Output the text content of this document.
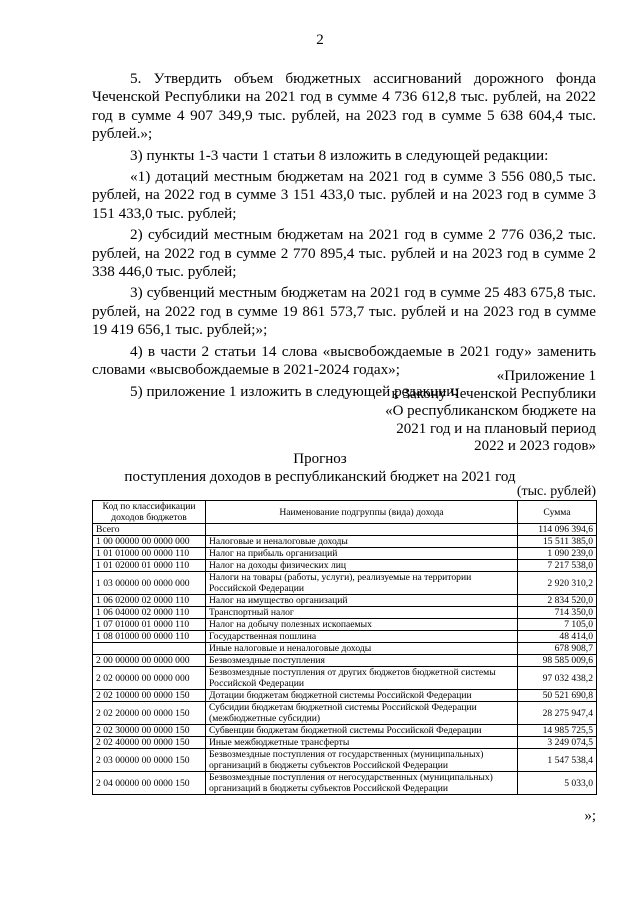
2

5. Утвердить объем бюджетных ассигнований дорожного фонда Чеченской Республики на 2021 год в сумме 4 736 612,8 тыс. рублей, на 2022 год в сумме 4 907 349,9 тыс. рублей, на 2023 год в сумме 5 638 604,4 тыс. рублей.»;

3) пункты 1-3 части 1 статьи 8 изложить в следующей редакции:

«1) дотаций местным бюджетам на 2021 год в сумме 3 556 080,5 тыс. рублей, на 2022 год в сумме 3 151 433,0 тыс. рублей и на 2023 год в сумме 3 151 433,0 тыс. рублей;

2) субсидий местным бюджетам на 2021 год в сумме 2 776 036,2 тыс. рублей, на 2022 год в сумме 2 770 895,4 тыс. рублей и на 2023 год в сумме 2 338 446,0 тыс. рублей;

3) субвенций местным бюджетам на 2021 год в сумме 25 483 675,8 тыс. рублей, на 2022 год в сумме 19 861 573,7 тыс. рублей и на 2023 год в сумме 19 419 656,1 тыс. рублей;»;

4) в части 2 статьи 14 слова «высвобождаемые в 2021 году» заменить словами «высвобождаемые в 2021-2024 годах»;

5) приложение 1 изложить в следующей редакции:

«Приложение 1
к Закону Чеченской Республики
«О республиканском бюджете на
2021 год и на плановый период
2022 и 2023 годов»
Прогноз
поступления доходов в республиканский бюджет на 2021 год
(тыс. рублей)
Код по классификации доходов бюджетов	Наименование подгруппы (вида) дохода	Сумма
Всего		114 096 394,6
1 00 00000 00 0000 000	Налоговые и неналоговые доходы	15 511 385,0
1 01 01000 00 0000 110	Налог на прибыль организаций	1 090 239,0
1 01 02000 01 0000 110	Налог на доходы физических лиц	7 217 538,0
1 03 00000 00 0000 000	Налоги на товары (работы, услуги), реализуемые на территории Российской Федерации	2 920 310,2
1 06 02000 02 0000 110	Налог на имущество организаций	2 834 520,0
1 06 04000 02 0000 110	Транспортный налог	714 350,0
1 07 01000 01 0000 110	Налог на добычу полезных ископаемых	7 105,0
1 08 01000 00 0000 110	Государственная пошлина	48 414,0
	Иные налоговые и неналоговые доходы	678 908,7
2 00 00000 00 0000 000	Безвозмездные поступления	98 585 009,6
2 02 00000 00 0000 000	Безвозмездные поступления от других бюджетов бюджетной системы Российской Федерации	97 032 438,2
2 02 10000 00 0000 150	Дотации бюджетам бюджетной системы Российской Федерации	50 521 690,8
2 02 20000 00 0000 150	Субсидии бюджетам бюджетной системы Российской Федерации (межбюджетные субсидии)	28 275 947,4
2 02 30000 00 0000 150	Субвенции бюджетам бюджетной системы Российской Федерации	14 985 725,5
2 02 40000 00 0000 150	Иные межбюджетные трансферты	3 249 074,5
2 03 00000 00 0000 150	Безвозмездные поступления от государственных (муниципальных) организаций в бюджеты субъектов Российской Федерации	1 547 538,4
2 04 00000 00 0000 150	Безвозмездные поступления от негосударственных (муниципальных) организаций в бюджеты субъектов Российской Федерации	5 033,0
»;
